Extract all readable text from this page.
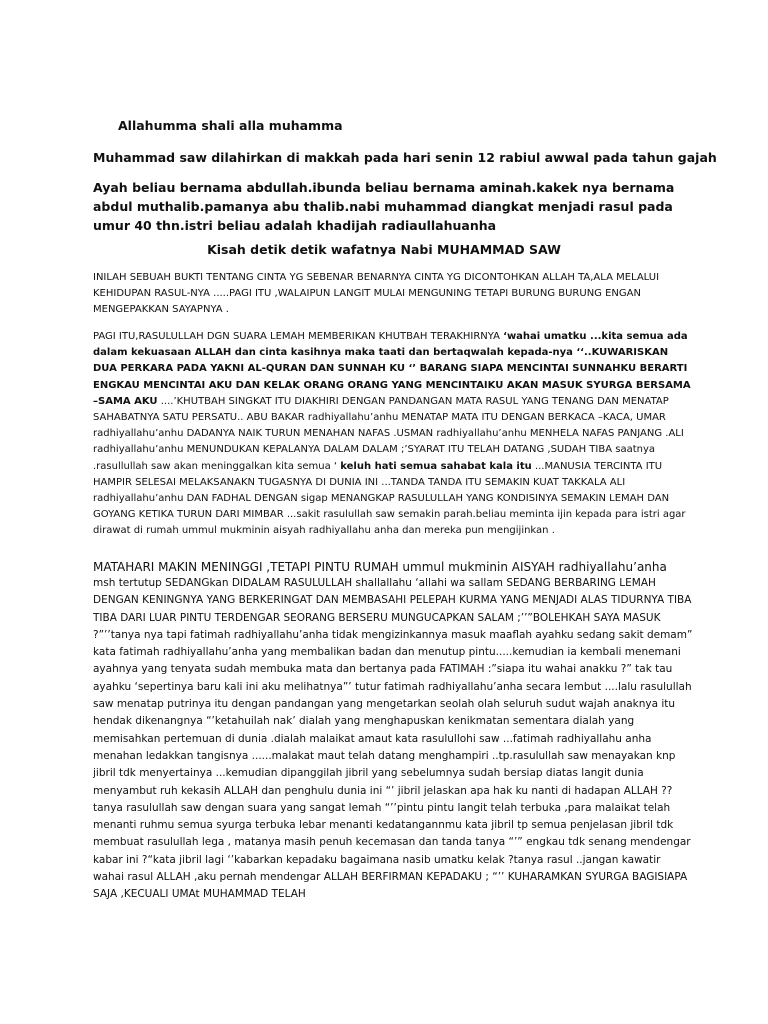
Allahumma shali alla muhamma

Muhammad saw dilahirkan di makkah pada hari senin 12 rabiul awwal pada tahun gajah

Ayah beliau bernama abdullah.ibunda beliau bernama aminah.kakek nya bernama abdul muthalib.pamanya abu thalib.nabi muhammad diangkat menjadi rasul pada umur 40 thn.istri beliau adalah khadijah radiaullahuanha

Kisah detik detik wafatnya Nabi MUHAMMAD SAW

INILAH SEBUAH BUKTI TENTANG CINTA YG SEBENAR BENARNYA CINTA YG DICONTOHKAN ALLAH TA,ALA MELALUI KEHIDUPAN RASUL-NYA .....PAGI ITU ,WALAIPUN LANGIT MULAI MENGUNING TETAPI BURUNG BURUNG ENGAN MENGEPAKKAN SAYAPNYA .

PAGI ITU,RASULULLAH DGN SUARA LEMAH MEMBERIKAN KHUTBAH TERAKHIRNYA ‘wahai umatku ...kita semua ada dalam kekuasaan ALLAH dan cinta kasihnya maka taati dan bertaqwalah kepada-nya ‘‘..KUWARISKAN DUA PERKARA PADA YAKNI AL-QURAN DAN SUNNAH KU ‘’ BARANG SIAPA MENCINTAI SUNNAHKU BERARTI ENGKAU MENCINTAI AKU DAN KELAK ORANG ORANG YANG MENCINTAIKU AKAN MASUK SYURGA BERSAMA –SAMA AKU ....’KHUTBAH SINGKAT ITU DIAKHIRI DENGAN PANDANGAN MATA RASUL YANG TENANG DAN MENATAP SAHABATNYA SATU PERSATU.. ABU BAKAR radhiyallahu’anhu MENATAP MATA ITU DENGAN BERKACA –KACA, UMAR radhiyallahu’anhu DADANYA NAIK TURUN MENAHAN NAFAS .USMAN radhiyallahu’anhu MENHELA NAFAS PANJANG .ALI radhiyallahu’anhu MENUNDUKAN KEPALANYA DALAM DALAM ;’SYARAT ITU TELAH DATANG ,SUDAH TIBA saatnya .rasullullah saw akan meninggalkan kita semua ‘ keluh hati semua sahabat kala itu ...MANUSIA TERCINTA ITU HAMPIR SELESAI MELAKSANAKN TUGASNYA DI DUNIA INI ...TANDA TANDA ITU SEMAKIN KUAT TAKKALA ALI radhiyallahu’anhu DAN FADHAL DENGAN sigap MENANGKAP RASULULLAH YANG KONDISINYA SEMAKIN LEMAH DAN GOYANG KETIKA TURUN DARI MIMBAR ...sakit rasulullah saw semakin parah.beliau meminta ijin kepada para istri agar dirawat di rumah ummul mukminin aisyah radhiyallahu anha dan mereka pun mengijinkan .

MATAHARI MAKIN MENINGGI ,TETAPI PINTU RUMAH ummul mukminin AISYAH radhiyallahu’anha

msh tertutup SEDANGkan DIDALAM RASULULLAH shallallahu ‘allahi wa sallam SEDANG BERBARING LEMAH DENGAN KENINGNYA YANG BERKERINGAT DAN MEMBASAHI PELEPAH KURMA YANG MENJADI ALAS TIDURNYA TIBA TIBA DARI LUAR PINTU TERDENGAR SEORANG BERSERU MUNGUCAPKAN SALAM ;’’”BOLEHKAH SAYA MASUK ?”’’tanya nya tapi fatimah radhiyallahu’anha tidak mengizinkannya masuk maaflah ayahku sedang sakit demam” kata fatimah radhiyallahu’anha yang membalikan badan dan menutup pintu.....kemudian ia kembali menemani ayahnya yang tenyata sudah membuka mata dan bertanya pada FATIMAH :”siapa itu wahai anakku ?” tak tau ayahku ‘sepertinya baru kali ini aku melihatnya”’ tutur fatimah radhiyallahu’anha secara lembut ....lalu rasulullah saw menatap putrinya itu dengan pandangan yang mengetarkan seolah olah seluruh sudut wajah anaknya itu hendak dikenangnya “’ketahuilah nak’ dialah yang menghapuskan kenikmatan sementara dialah yang memisahkan pertemuan di dunia .dialah malaikat amaut kata rasulullohi saw ...fatimah radhiyallahu anha menahan ledakkan tangisnya ......malakat maut telah datang menghampiri ..tp.rasulullah saw menayakan knp jibril tdk menyertainya ...kemudian dipanggilah jibril yang sebelumnya sudah bersiap diatas langit dunia menyambut ruh kekasih ALLAH dan penghulu dunia ini “’ jibril jelaskan apa hak ku nanti di hadapan ALLAH ??tanya rasulullah saw dengan suara yang sangat lemah “’’pintu pintu langit telah terbuka ,para malaikat telah menanti ruhmu semua syurga terbuka lebar menanti kedatangannmu kata jibril tp semua penjelasan jibril tdk membuat rasulullah lega , matanya masih penuh kecemasan dan tanda tanya “’” engkau tdk senang mendengar kabar ini ?“kata jibril lagi ‘’kabarkan kepadaku bagaimana nasib umatku kelak ?tanya rasul ..jangan kawatir wahai rasul ALLAH ,aku pernah mendengar ALLAH BERFIRMAN KEPADAKU ; “’’ KUHARAMKAN SYURGA BAGISIAPA SAJA ,KECUALI UMAt MUHAMMAD TELAH
